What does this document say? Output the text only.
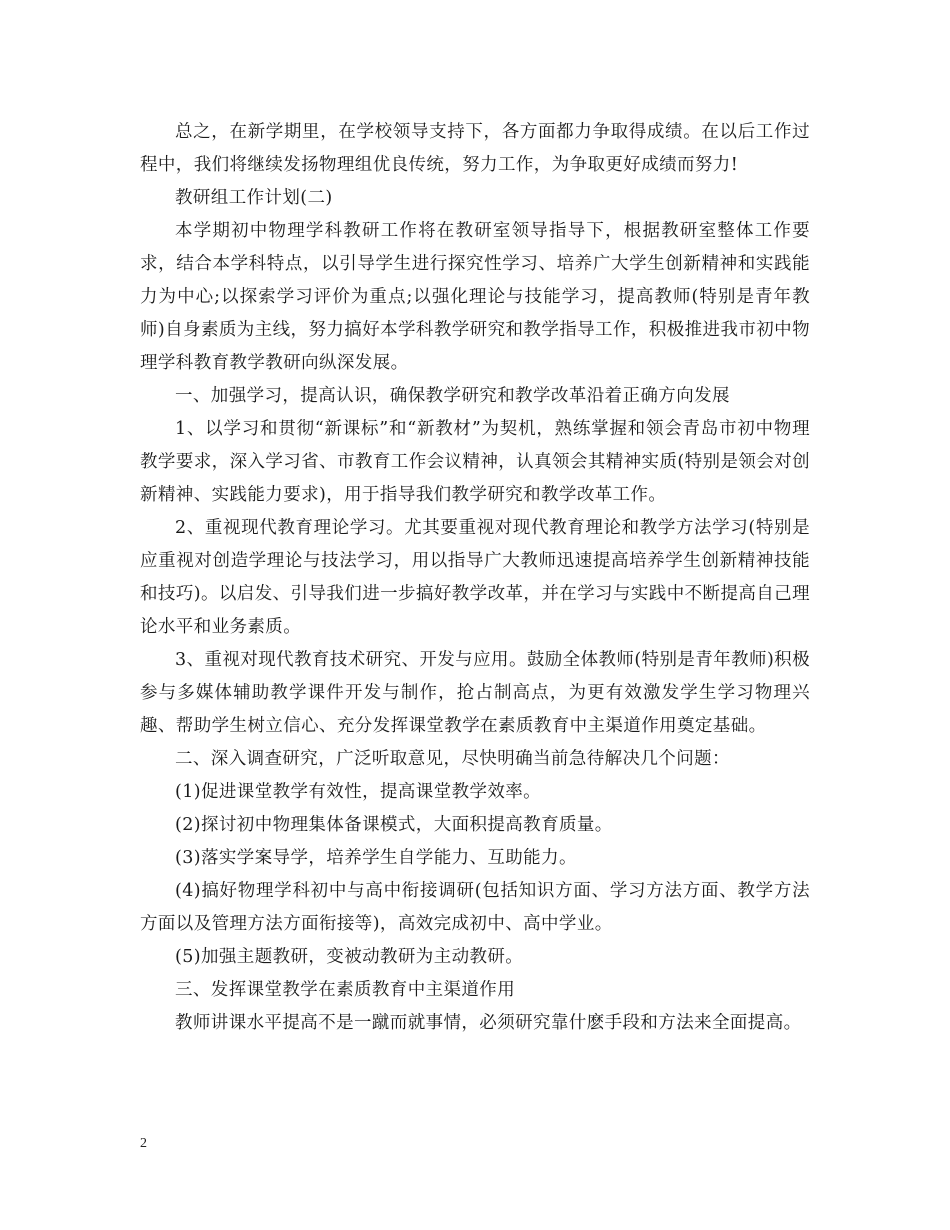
总之，在新学期里，在学校领导支持下，各方面都力争取得成绩。在以后工作过程中，我们将继续发扬物理组优良传统，努力工作，为争取更好成绩而努力!

教研组工作计划(二)

本学期初中物理学科教研工作将在教研室领导指导下，根据教研室整体工作要求，结合本学科特点，以引导学生进行探究性学习、培养广大学生创新精神和实践能力为中心;以探索学习评价为重点;以强化理论与技能学习，提高教师(特别是青年教师)自身素质为主线，努力搞好本学科教学研究和教学指导工作，积极推进我市初中物理学科教育教学教研向纵深发展。

一、加强学习，提高认识，确保教学研究和教学改革沿着正确方向发展

1、以学习和贯彻“新课标”和“新教材”为契机，熟练掌握和领会青岛市初中物理教学要求，深入学习省、市教育工作会议精神，认真领会其精神实质(特别是领会对创新精神、实践能力要求)，用于指导我们教学研究和教学改革工作。

2、重视现代教育理论学习。尤其要重视对现代教育理论和教学方法学习(特别是应重视对创造学理论与技法学习，用以指导广大教师迅速提高培养学生创新精神技能和技巧)。以启发、引导我们进一步搞好教学改革，并在学习与实践中不断提高自己理论水平和业务素质。

3、重视对现代教育技术研究、开发与应用。鼓励全体教师(特别是青年教师)积极参与多媒体辅助教学课件开发与制作，抢占制高点，为更有效激发学生学习物理兴趣、帮助学生树立信心、充分发挥课堂教学在素质教育中主渠道作用奠定基础。

二、深入调查研究，广泛听取意见，尽快明确当前急待解决几个问题：

(1)促进课堂教学有效性，提高课堂教学效率。

(2)探讨初中物理集体备课模式，大面积提高教育质量。

(3)落实学案导学，培养学生自学能力、互助能力。

(4)搞好物理学科初中与高中衔接调研(包括知识方面、学习方法方面、教学方法方面以及管理方法方面衔接等)，高效完成初中、高中学业。

(5)加强主题教研，变被动教研为主动教研。

三、发挥课堂教学在素质教育中主渠道作用

教师讲课水平提高不是一蹴而就事情，必须研究靠什麽手段和方法来全面提高。

2
